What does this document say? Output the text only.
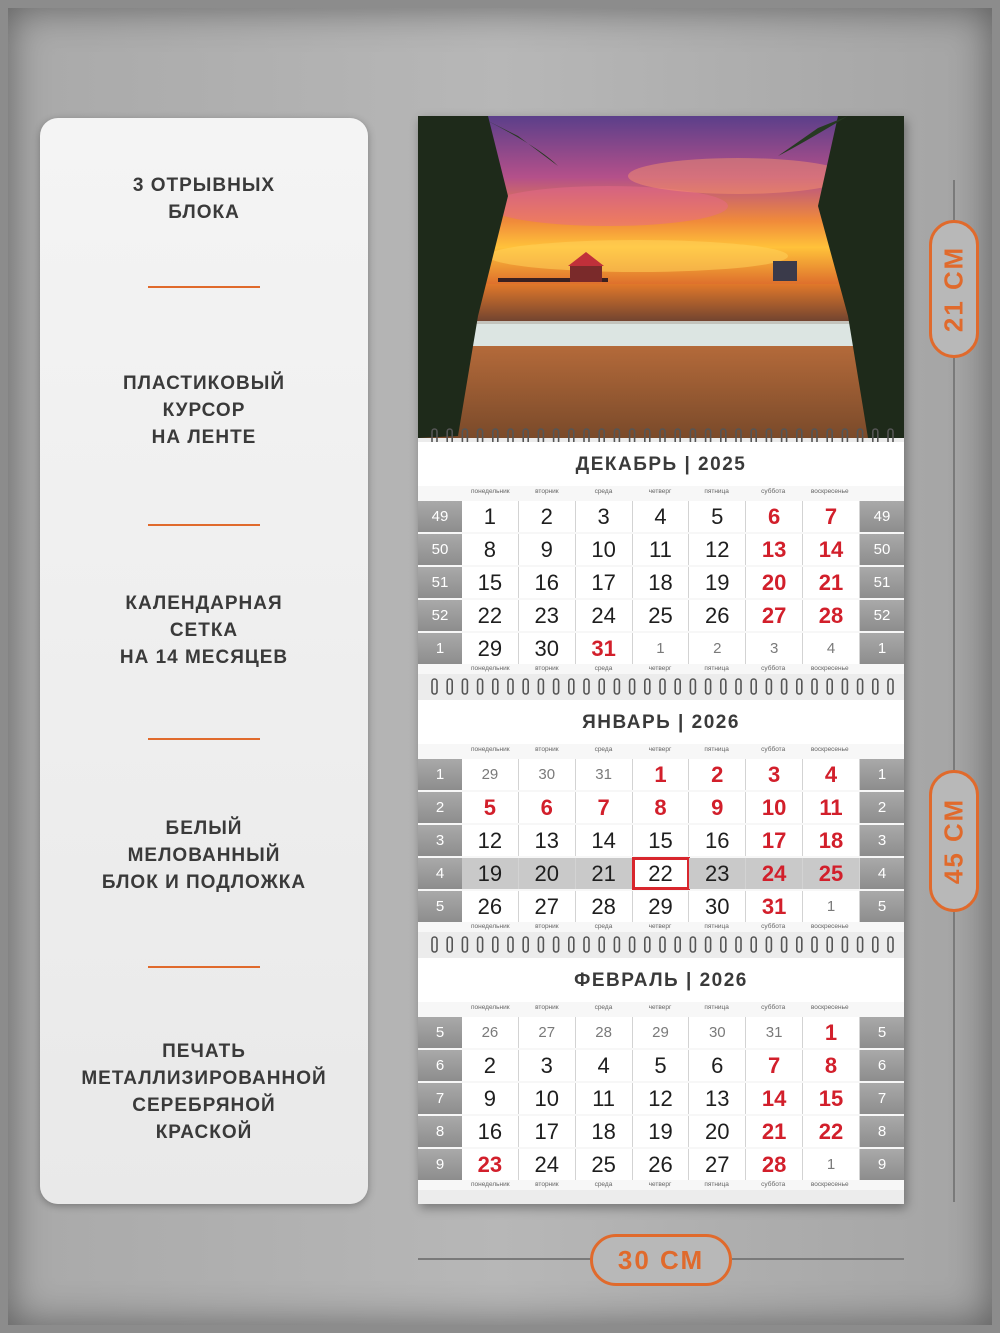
3 ОТРЫВНЫХ
БЛОКА
ПЛАСТИКОВЫЙ
КУРСОР
НА ЛЕНТЕ
КАЛЕНДАРНАЯ
СЕТКА
НА 14 МЕСЯЦЕВ
БЕЛЫЙ
МЕЛОВАННЫЙ
БЛОК И ПОДЛОЖКА
ПЕЧАТЬ
МЕТАЛЛИЗИРОВАННОЙ
СЕРЕБРЯНОЙ
КРАСКОЙ
ДЕКАБРЬ | 2025
понедельник	вторник	среда	четверг	пятница	суббота	воскресенье
49	1	2	3	4	5	6	7	49
50	8	9	10	11	12	13	14	50
51	15	16	17	18	19	20	21	51
52	22	23	24	25	26	27	28	52
1	29	30	31	1	2	3	4	1
понедельник	вторник	среда	четверг	пятница	суббота	воскресенье
ЯНВАРЬ | 2026
понедельник	вторник	среда	четверг	пятница	суббота	воскресенье
1	29	30	31	1	2	3	4	1
2	5	6	7	8	9	10	11	2
3	12	13	14	15	16	17	18	3
4	19	20	21	22	23	24	25	4
5	26	27	28	29	30	31	1	5
понедельник	вторник	среда	четверг	пятница	суббота	воскресенье
ФЕВРАЛЬ | 2026
понедельник	вторник	среда	четверг	пятница	суббота	воскресенье
5	26	27	28	29	30	31	1	5
6	2	3	4	5	6	7	8	6
7	9	10	11	12	13	14	15	7
8	16	17	18	19	20	21	22	8
9	23	24	25	26	27	28	1	9
понедельник	вторник	среда	четверг	пятница	суббота	воскресенье
21 СМ
45 СМ
30 СМ
